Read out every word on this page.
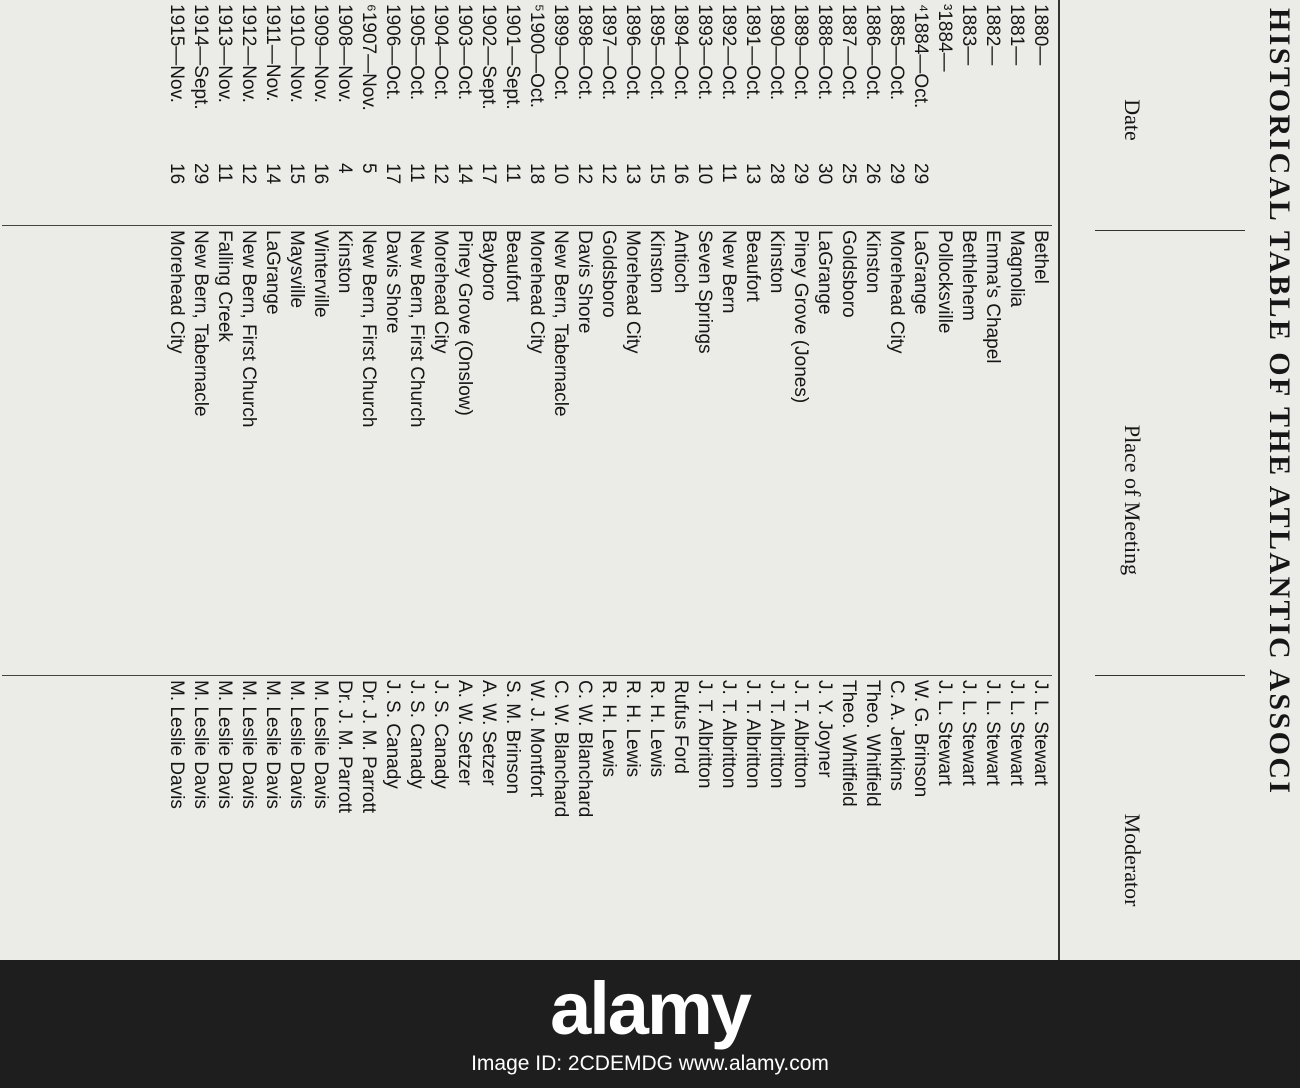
HISTORICAL TABLE OF THE ATLANTIC ASSOCI
Date
Place of Meeting
Moderator
1880—
Bethel
J. L. Stewart
1881—
Magnolia
J. L. Stewart
1882—
Emma's Chapel
J. L. Stewart
1883—
Bethlehem
J. L. Stewart
³1884—
Pollocksville
J. L. Stewart
⁴1884—Oct.
29
LaGrange
W. G. Brinson
1885—Oct.
29
Morehead City
C. A. Jenkins
1886—Oct.
26
Kinston
Theo. Whitfield
1887—Oct.
25
Goldsboro
Theo. Whitfield
1888—Oct.
30
LaGrange
J. Y. Joyner
1889—Oct.
29
Piney Grove (Jones)
J. T. Albritton
1890—Oct.
28
Kinston
J. T. Albritton
1891—Oct.
13
Beaufort
J. T. Albritton
1892—Oct.
11
New Bern
J. T. Albritton
1893—Oct.
10
Seven Springs
J. T. Albritton
1894—Oct.
16
Antioch
Rufus Ford
1895—Oct.
15
Kinston
R. H. Lewis
1896—Oct.
13
Morehead City
R. H. Lewis
1897—Oct.
12
Goldsboro
R. H. Lewis
1898—Oct.
12
Davis Shore
C. W. Blanchard
1899—Oct.
10
New Bern, Tabernacle
C. W. Blanchard
⁵1900—Oct.
18
Morehead City
W. J. Montfort
1901—Sept.
11
Beaufort
S. M. Brinson
1902—Sept.
17
Bayboro
A. W. Setzer
1903—Oct.
14
Piney Grove (Onslow)
A. W. Setzer
1904—Oct.
12
Morehead City
J. S. Canady
1905—Oct.
11
New Bern, First Church
J. S. Canady
1906—Oct.
17
Davis Shore
J. S. Canady
⁶1907—Nov.
5
New Bern, First Church
Dr. J. M. Parrott
1908—Nov.
4
Kinston
Dr. J. M. Parrott
1909—Nov.
16
Winterville
M. Leslie Davis
1910—Nov.
15
Maysville
M. Leslie Davis
1911—Nov.
14
LaGrange
M. Leslie Davis
1912—Nov.
12
New Bern, First Church
M. Leslie Davis
1913—Nov.
11
Falling Creek
M. Leslie Davis
1914—Sept.
29
New Bern, Tabernacle
M. Leslie Davis
1915—Nov.
16
Morehead City
M. Leslie Davis
alamy
Image ID: 2CDEMDG www.alamy.com
